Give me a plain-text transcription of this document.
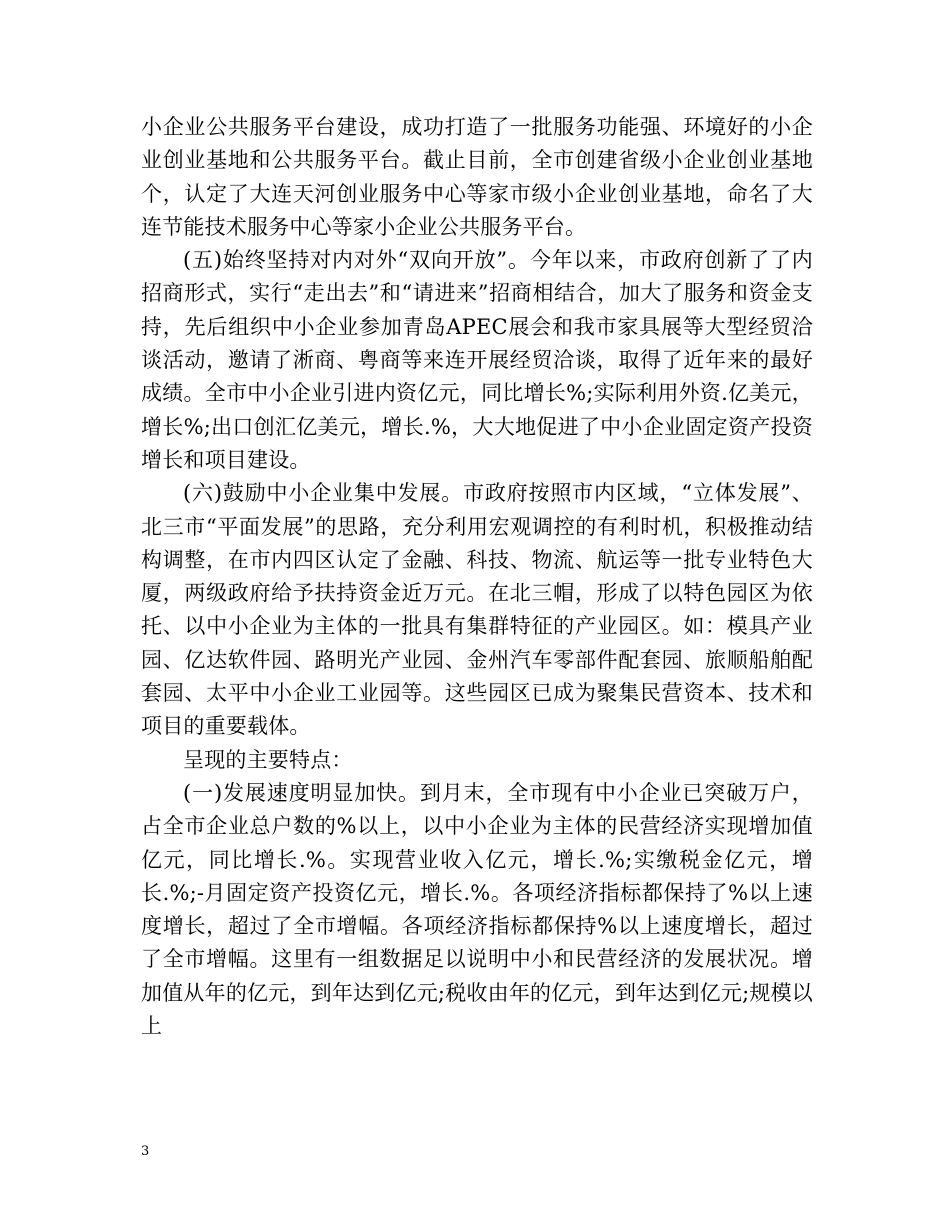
小企业公共服务平台建设，成功打造了一批服务功能强、环境好的小企业创业基地和公共服务平台。截止目前，全市创建省级小企业创业基地个，认定了大连天河创业服务中心等家市级小企业创业基地，命名了大连节能技术服务中心等家小企业公共服务平台。

(五)始终坚持对内对外“双向开放”。今年以来，市政府创新了了内招商形式，实行“走出去”和“请进来”招商相结合，加大了服务和资金支持，先后组织中小企业参加青岛APEC展会和我市家具展等大型经贸洽谈活动，邀请了淅商、粤商等来连开展经贸洽谈，取得了近年来的最好成绩。全市中小企业引进内资亿元，同比增长%;实际利用外资.亿美元，增长%;出口创汇亿美元，增长.%，大大地促进了中小企业固定资产投资增长和项目建设。

(六)鼓励中小企业集中发展。市政府按照市内区域，“立体发展”、北三市“平面发展”的思路，充分利用宏观调控的有利时机，积极推动结构调整，在市内四区认定了金融、科技、物流、航运等一批专业特色大厦，两级政府给予扶持资金近万元。在北三帽，形成了以特色园区为依托、以中小企业为主体的一批具有集群特征的产业园区。如：模具产业园、亿达软件园、路明光产业园、金州汽车零部件配套园、旅顺船舶配套园、太平中小企业工业园等。这些园区已成为聚集民营资本、技术和项目的重要载体。

呈现的主要特点：

(一)发展速度明显加快。到月末，全市现有中小企业已突破万户，占全市企业总户数的%以上，以中小企业为主体的民营经济实现增加值亿元，同比增长.%。实现营业收入亿元，增长.%;实缴税金亿元，增长.%;-月固定资产投资亿元，增长.%。各项经济指标都保持了%以上速度增长，超过了全市增幅。各项经济指标都保持%以上速度增长，超过了全市增幅。这里有一组数据足以说明中小和民营经济的发展状况。增加值从年的亿元，到年达到亿元;税收由年的亿元，到年达到亿元;规模以上

3
